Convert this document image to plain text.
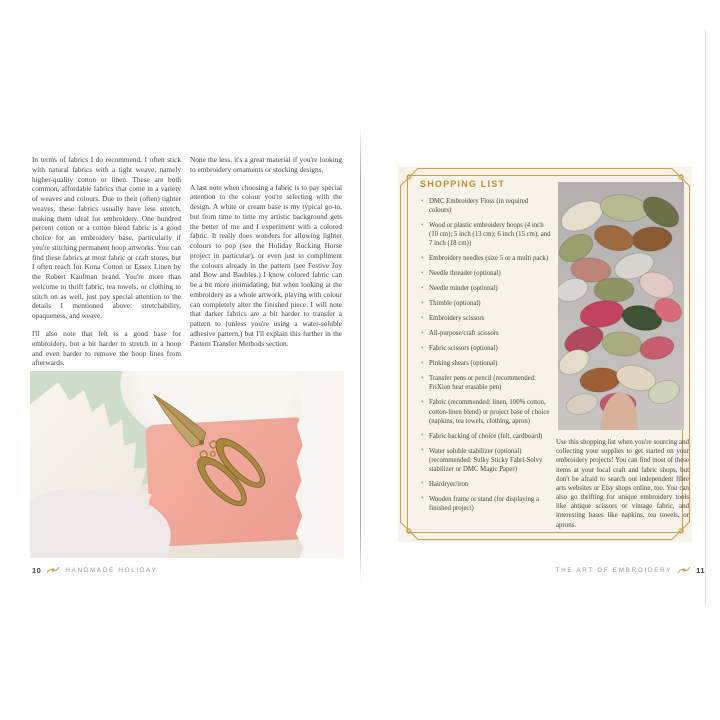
In terms of fabrics I do recommend, I often stick with natural fabrics with a tight weave, namely higher-quality cotton or linen. These are both common, affordable fabrics that come in a variety of weaves and colours. Due to their (often) tighter weaves, these fabrics usually have less stretch, making them ideal for embroidery. One hundred percent cotton or a cotton blend fabric is a good choice for an embroidery base, particularly if you're stitching permanent hoop artworks. You can find these fabrics at most fabric or craft stores, but I often reach for Kona Cotton or Essex Linen by the Robert Kaufman brand. You're more than welcome to thrift fabric, tea towels, or clothing to stitch on as well, just pay special attention to the details I mentioned above: stretchability, opaqueness, and weave.

I'll also note that felt is a good base for embroidery, but a bit harder to stretch in a hoop and even harder to remove the hoop lines from afterwards.

None the less, it's a great material if you're looking to embroidery ornaments or stocking designs.

A last note when choosing a fabric is to pay special attention to the colour you're selecting with the design. A white or cream base is my typical go-to, but from time to time my artistic background gets the better of me and I experiment with a colored fabric. It really does wonders for allowing lighter colours to pop (see the Holiday Rocking Horse project in particular), or even just to compliment the colours already in the pattern (see Festive Joy and Bow and Baubles.) I know colored fabric can be a bit more intimidating, but when looking at the embroidery as a whole artwork, playing with colour can completely alter the finished piece. I will note that darker fabrics are a bit harder to transfer a pattern to (unless you're using a water-soluble adhesive pattern,) but I'll explain this further in the Pattern Transfer Methods section.

10	HANDMADE HOLIDAY
SHOPPING LIST
• DMC Embroidery Floss (in required colours)
• Wood or plastic embroidery hoops (4 inch (10 cm); 5 inch (13 cm); 6 inch (15 cm); and 7 inch (18 cm))
• Embroidery needles (size 5 or a multi pack)
• Needle threader (optional)
• Needle minder (optional)
• Thimble (optional)
• Embroidery scissors
• All-purpose/craft scissors
• Fabric scissors (optional)
• Pinking shears (optional)
• Transfer pens or pencil (recommended: FriXion heat erasable pen)
• Fabric (recommended: linen, 100% cotton, cotton-linen blend) or project base of choice (napkins, tea towels, clothing, apron)
• Fabric backing of choice (felt, cardboard)
• Water soluble stabilizer (optional) (recommended: Sulky Sticky Fabri-Solvy stabilizer or DMC Magic Paper)
• Hairdryer/iron
• Wooden frame or stand (for displaying a finished project)

Use this shopping list when you're sourcing and collecting your supplies to get started on your embroidery projects! You can find most of these items at your local craft and fabric shops, but don't be afraid to search out independent fibre arts websites or Etsy shops online, too. You can also go thrifting for unique embroidery tools like antique scissors or vintage fabric, and interesting bases like napkins, tea towels, or aprons.

THE ART OF EMBROIDERY	11
